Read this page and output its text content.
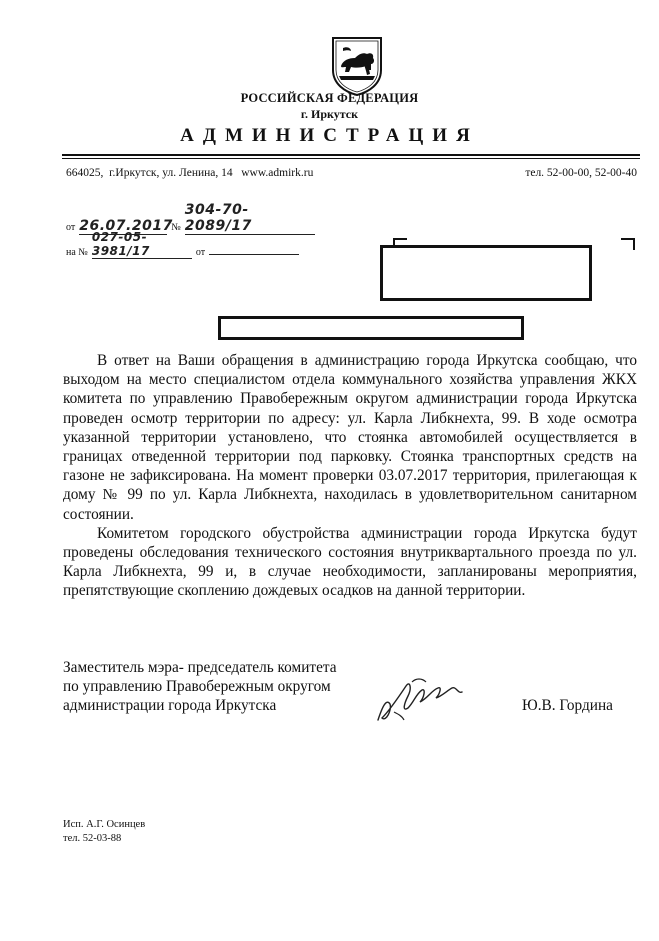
РОССИЙСКАЯ ФЕДЕРАЦИЯ
г. Иркутск
АДМИНИСТРАЦИЯ
664025,  г.Иркутск, ул. Ленина, 14   www.admirk.ru	тел. 52-00-00, 52-00-40
от 26.07.2017 № 304-70-2089/17
на № 027-05-3981/17	от

В ответ на Ваши обращения в администрацию города Иркутска сообщаю, что выходом на место специалистом отдела коммунального хозяйства управления ЖКХ комитета по управлению Правобережным округом администрации города Иркутска проведен осмотр территории по адресу: ул. Карла Либкнехта, 99. В ходе осмотра указанной территории установлено, что стоянка автомобилей осуществляется в границах отведенной территории под парковку. Стоянка транспортных средств на газоне не зафиксирована. На момент проверки 03.07.2017 территория, прилегающая к дому № 99 по ул. Карла Либкнехта, находилась в удовлетворительном санитарном состоянии.

Комитетом городского обустройства администрации города Иркутска будут проведены обследования технического состояния внутриквартального проезда по ул. Карла Либкнехта, 99 и, в случае необходимости, запланированы мероприятия, препятствующие скоплению дождевых осадков на данной территории.

Заместитель мэра- председатель комитета
по управлению Правобережным округом
администрации города Иркутска	Ю.В. Гордина
Исп. А.Г. Осинцев
тел. 52-03-88
